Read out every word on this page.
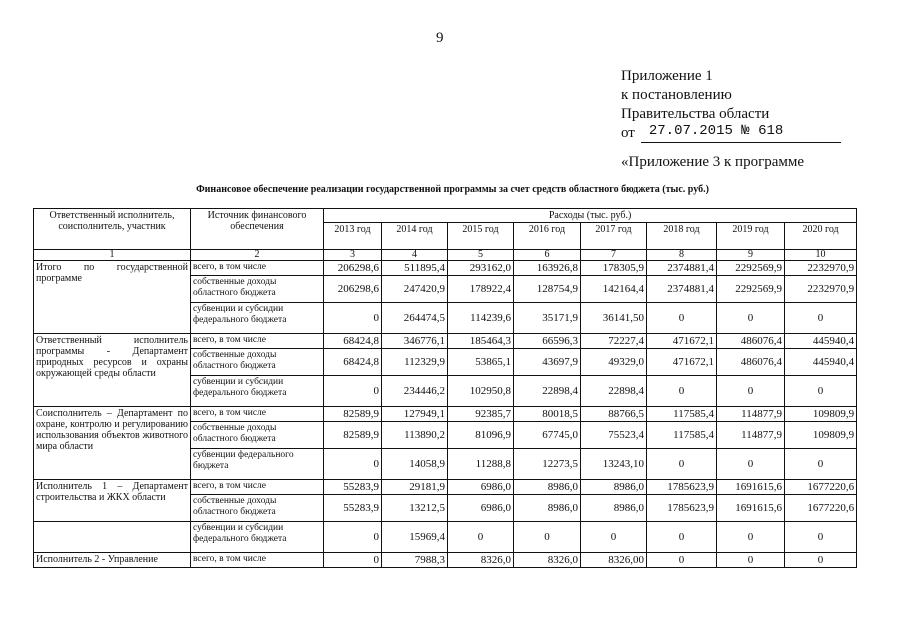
9
Приложение 1
к постановлению
Правительства области
от 27.07.2015 № 618
«Приложение 3 к программе
Финансовое обеспечение реализации государственной программы за счет средств областного бюджета (тыс. руб.)
Ответственный исполнитель, соисполнитель, участник	Источник финансового обеспечения	Расходы (тыс. руб.)							
		2013 год	2014 год	2015 год	2016 год	2017 год	2018 год	2019 год	2020 год
1	2	3	4	5	6	7	8	9	10
Итого по государственной программе	всего, в том числе	206298,6	511895,4	293162,0	163926,8	178305,9	2374881,4	2292569,9	2232970,9
	собственные доходы областного бюджета	206298,6	247420,9	178922,4	128754,9	142164,4	2374881,4	2292569,9	2232970,9
	субвенции и субсидии федерального бюджета	0	264474,5	114239,6	35171,9	36141,50	0	0	0
Ответственный исполнитель программы - Департамент природных ресурсов и охраны окружающей среды области	всего, в том числе	68424,8	346776,1	185464,3	66596,3	72227,4	471672,1	486076,4	445940,4
	собственные доходы областного бюджета	68424,8	112329,9	53865,1	43697,9	49329,0	471672,1	486076,4	445940,4
	субвенции и субсидии федерального бюджета	0	234446,2	102950,8	22898,4	22898,4	0	0	0
Соисполнитель – Департамент по охране, контролю и регулированию использования объектов животного мира области	всего, в том числе	82589,9	127949,1	92385,7	80018,5	88766,5	117585,4	114877,9	109809,9
	собственные доходы областного бюджета	82589,9	113890,2	81096,9	67745,0	75523,4	117585,4	114877,9	109809,9
	субвенции федерального бюджета	0	14058,9	11288,8	12273,5	13243,10	0	0	0
Исполнитель 1 – Департамент строительства и ЖКХ области	всего, в том числе	55283,9	29181,9	6986,0	8986,0	8986,0	1785623,9	1691615,6	1677220,6
	собственные доходы областного бюджета	55283,9	13212,5	6986,0	8986,0	8986,0	1785623,9	1691615,6	1677220,6
	субвенции и субсидии федерального бюджета	0	15969,4	0	0	0	0	0	0
Исполнитель 2 - Управление	всего, в том числе	0	7988,3	8326,0	8326,0	8326,00	0	0	0
